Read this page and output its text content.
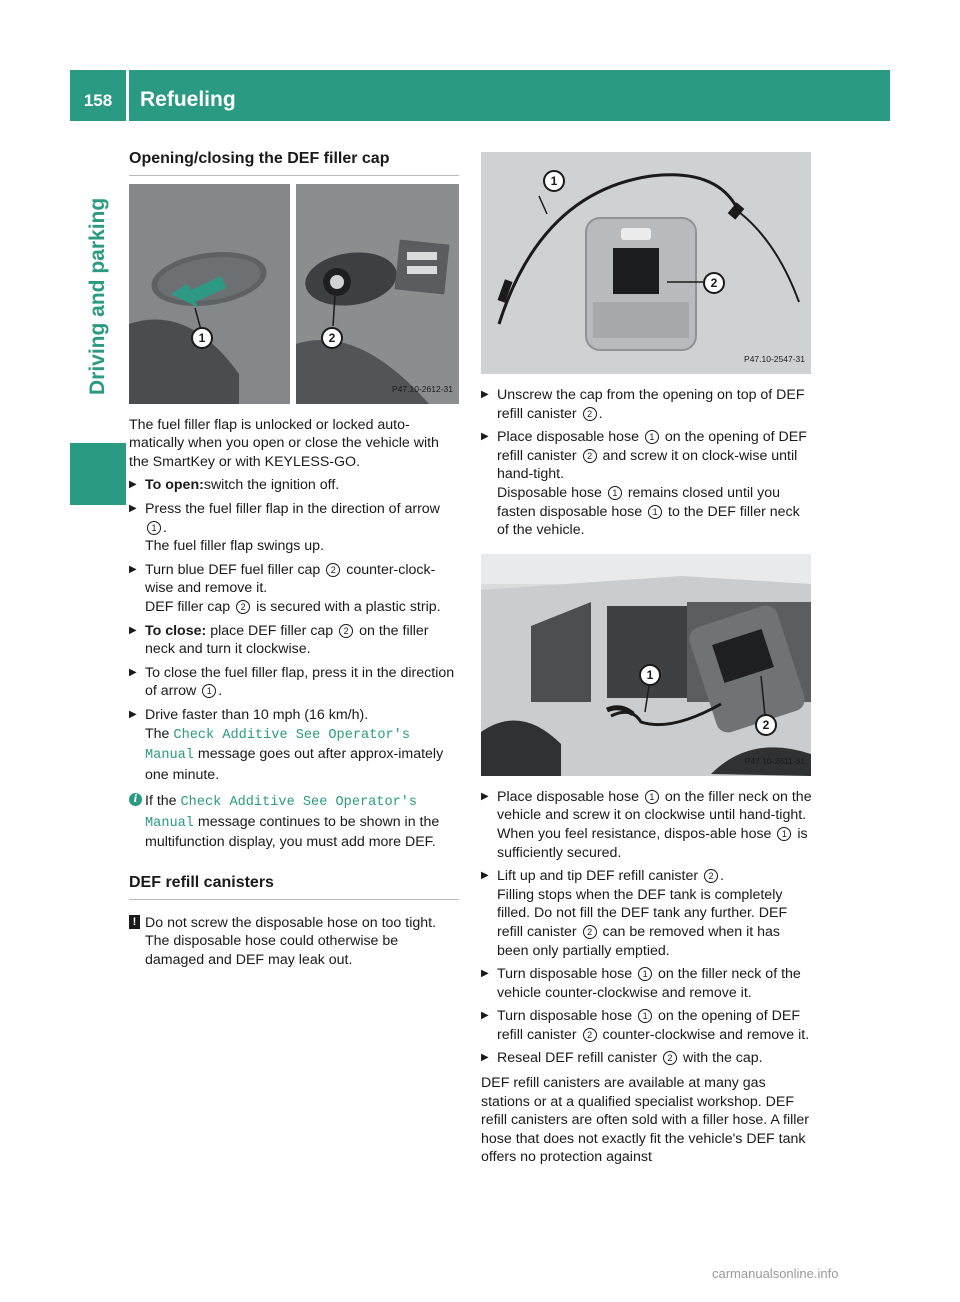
158	Refueling
Driving and parking
Opening/closing the DEF filler cap
1	2
P47.10-2612-31

The fuel filler flap is unlocked or locked auto-matically when you open or close the vehicle with the SmartKey or with KEYLESS-GO.

▶ To open:switch the ignition off.
▶ Press the fuel filler flap in the direction of arrow 1 .
The fuel filler flap swings up.
▶ Turn blue DEF fuel filler cap 2 counter-clock-wise and remove it.
DEF filler cap 2 is secured with a plastic strip.
▶ To close: place DEF filler cap 2 on the filler neck and turn it clockwise.
▶ To close the fuel filler flap, press it in the direction of arrow 1 .
▶ Drive faster than 10 mph (16 km/h).
The Check Additive See Operator's Manual message goes out after approx-imately one minute.
i If the Check Additive See Operator's Manual message continues to be shown in the multifunction display, you must add more DEF.
DEF refill canisters
! Do not screw the disposable hose on too tight. The disposable hose could otherwise be damaged and DEF may leak out.
1
2
P47.10-2547-31
▶ Unscrew the cap from the opening on top of DEF refill canister 2 .
▶ Place disposable hose 1 on the opening of DEF refill canister 2 and screw it on clock-wise until hand-tight.
Disposable hose 1 remains closed until you fasten disposable hose 1 to the DEF filler neck of the vehicle.
1
2
P47.10-2611-31
▶ Place disposable hose 1 on the filler neck on the vehicle and screw it on clockwise until hand-tight. When you feel resistance, dispos-able hose 1 is sufficiently secured.
▶ Lift up and tip DEF refill canister 2 .
Filling stops when the DEF tank is completely filled. Do not fill the DEF tank any further. DEF refill canister 2 can be removed when it has been only partially emptied.
▶ Turn disposable hose 1 on the filler neck of the vehicle counter-clockwise and remove it.
▶ Turn disposable hose 1 on the opening of DEF refill canister 2 counter-clockwise and remove it.
▶ Reseal DEF refill canister 2 with the cap.

DEF refill canisters are available at many gas stations or at a qualified specialist workshop. DEF refill canisters are often sold with a filler hose. A filler hose that does not exactly fit the vehicle's DEF tank offers no protection against

carmanualsonline.info
